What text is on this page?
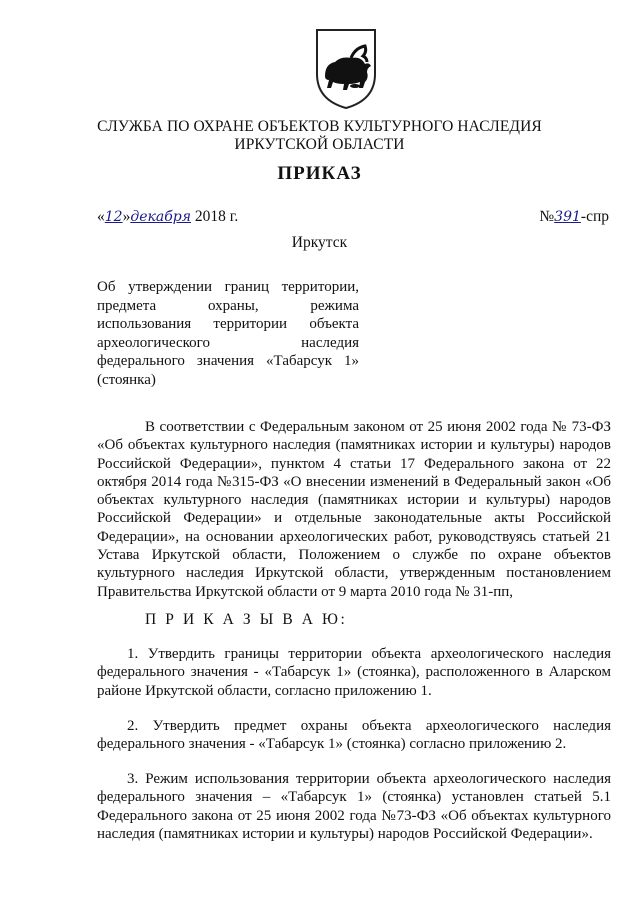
СЛУЖБА ПО ОХРАНЕ ОБЪЕКТОВ КУЛЬТУРНОГО НАСЛЕДИЯ
ИРКУТСКОЙ ОБЛАСТИ
ПРИКАЗ
«12»декабря 2018 г.	№391-спр
Иркутск
Об утверждении границ территории,
предмета охраны, режима
использования территории объекта
археологического наследия
федерального значения «Табарсук 1»
(стоянка)
В соответствии с Федеральным законом от 25 июня 2002 года № 73-ФЗ «Об объектах культурного наследия (памятниках истории и культуры) народов Российской Федерации», пунктом 4 статьи 17 Федерального закона от 22 октября 2014 года №315-ФЗ «О внесении изменений в Федеральный закон «Об объектах культурного наследия (памятниках истории и культуры) народов Российской Федерации» и отдельные законодательные акты Российской Федерации», на основании археологических работ, руководствуясь статьей 21 Устава Иркутской области, Положением о службе по охране объектов культурного наследия Иркутской области, утвержденным постановлением Правительства Иркутской области от 9 марта 2010 года № 31-пп,
П Р И К А З Ы В А Ю:
1. Утвердить границы территории объекта археологического наследия федерального значения - «Табарсук 1» (стоянка), расположенного в Аларском районе Иркутской области, согласно приложению 1.
2. Утвердить предмет охраны объекта археологического наследия федерального значения - «Табарсук 1» (стоянка) согласно приложению 2.
3. Режим использования территории объекта археологического наследия федерального значения – «Табарсук 1» (стоянка) установлен статьей 5.1 Федерального закона от 25 июня 2002 года №73-ФЗ «Об объектах культурного наследия (памятниках истории и культуры) народов Российской Федерации».
